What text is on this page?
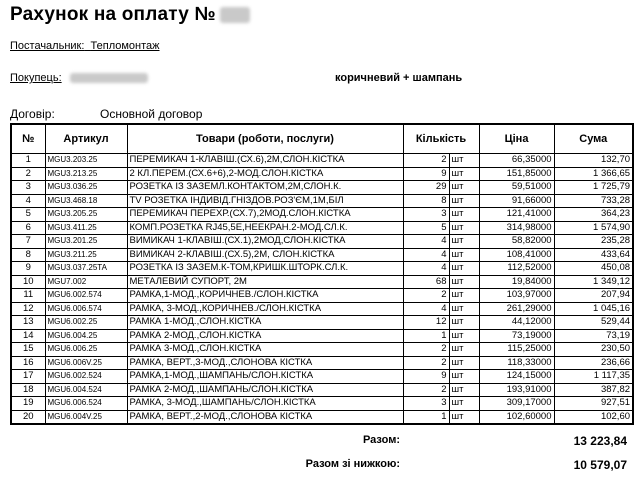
Рахунок на оплату №
Постачальник: Тепломонтаж
Покупець:	коричневий + шампань
Договір:	Основной договор
№	Артикул	Товари (роботи, послуги)	Кількість		Ціна	Сума
1	MGU3.203.25	ПЕРЕМИКАЧ 1-КЛАВІШ.(СХ.6),2М,СЛОН.КІСТКА	2	шт	66,35000	132,70
2	MGU3.213.25	2 КЛ.ПЕРЕМ.(СХ.6+6),2-МОД.СЛОН.КІСТКА	9	шт	151,85000	1 366,65
3	MGU3.036.25	РОЗЕТКА ІЗ ЗАЗЕМЛ.КОНТАКТОМ,2М,СЛОН.К.	29	шт	59,51000	1 725,79
4	MGU3.468.18	TV РОЗЕТКА ІНДИВІД.ГНІЗДОВ.РОЗ'ЄМ,1М,БІЛ	8	шт	91,66000	733,28
5	MGU3.205.25	ПЕРЕМИКАЧ ПЕРЕХР.(СХ.7),2МОД.СЛОН.КІСТКА	3	шт	121,41000	364,23
6	MGU3.411.25	КОМП.РОЗЕТКА RJ45,5Е,НЕЕКРАН.2-МОД.СЛ.К.	5	шт	314,98000	1 574,90
7	MGU3.201.25	ВИМИКАЧ 1-КЛАВІШ.(СХ.1),2МОД,СЛОН.КІСТКА	4	шт	58,82000	235,28
8	MGU3.211.25	ВИМИКАЧ 2-КЛАВІШ.(СХ.5),2М, СЛОН.КІСТКА	4	шт	108,41000	433,64
9	MGU3.037.25TA	РОЗЕТКА ІЗ ЗАЗЕМ.К-ТОМ,КРИШК.ШТОРК.СЛ.К.	4	шт	112,52000	450,08
10	MGU7.002	МЕТАЛЕВИЙ СУПОРТ, 2М	68	шт	19,84000	1 349,12
11	MGU6.002.574	РАМКА,1-МОД.,КОРИЧНЕВ./СЛОН.КІСТКА	2	шт	103,97000	207,94
12	MGU6.006.574	РАМКА, 3-МОД.,КОРИЧНЕВ./СЛОН.КІСТКА	4	шт	261,29000	1 045,16
13	MGU6.002.25	РАМКА 1-МОД.,СЛОН.КІСТКА	12	шт	44,12000	529,44
14	MGU6.004.25	РАМКА 2-МОД.,СЛОН.КІСТКА	1	шт	73,19000	73,19
15	MGU6.006.25	РАМКА 3-МОД.,СЛОН.КІСТКА	2	шт	115,25000	230,50
16	MGU6.006V.25	РАМКА, ВЕРТ.,3-МОД.,СЛОНОВА КІСТКА	2	шт	118,33000	236,66
17	MGU6.002.524	РАМКА,1-МОД.,ШАМПАНЬ/СЛОН.КІСТКА	9	шт	124,15000	1 117,35
18	MGU6.004.524	РАМКА 2-МОД.,ШАМПАНЬ/СЛОН.КІСТКА	2	шт	193,91000	387,82
19	MGU6.006.524	РАМКА, 3-МОД.,ШАМПАНЬ/СЛОН.КІСТКА	3	шт	309,17000	927,51
20	MGU6.004V.25	РАМКА, ВЕРТ.,2-МОД.,СЛОНОВА КІСТКА	1	шт	102,60000	102,60
Разом:	13 223,84
Разом зі нижкою:	10 579,07
